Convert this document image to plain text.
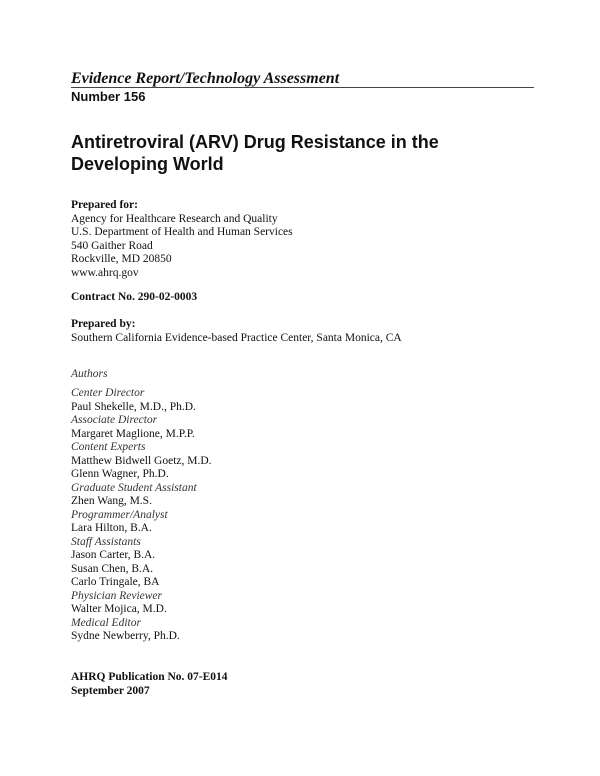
Evidence Report/Technology Assessment
Number 156
Antiretroviral (ARV) Drug Resistance in the
Developing World
Prepared for:
Agency for Healthcare Research and Quality
U.S. Department of Health and Human Services
540 Gaither Road
Rockville, MD 20850
www.ahrq.gov
Contract No. 290-02-0003
Prepared by:
Southern California Evidence-based Practice Center, Santa Monica, CA
Authors
Center Director
Paul Shekelle, M.D., Ph.D.
Associate Director
Margaret Maglione, M.P.P.
Content Experts
Matthew Bidwell Goetz, M.D.
Glenn Wagner, Ph.D.
Graduate Student Assistant
Zhen Wang, M.S.
Programmer/Analyst
Lara Hilton, B.A.
Staff Assistants
Jason Carter, B.A.
Susan Chen, B.A.
Carlo Tringale, BA
Physician Reviewer
Walter Mojica, M.D.
Medical Editor
Sydne Newberry, Ph.D.
AHRQ Publication No. 07-E014
September 2007
